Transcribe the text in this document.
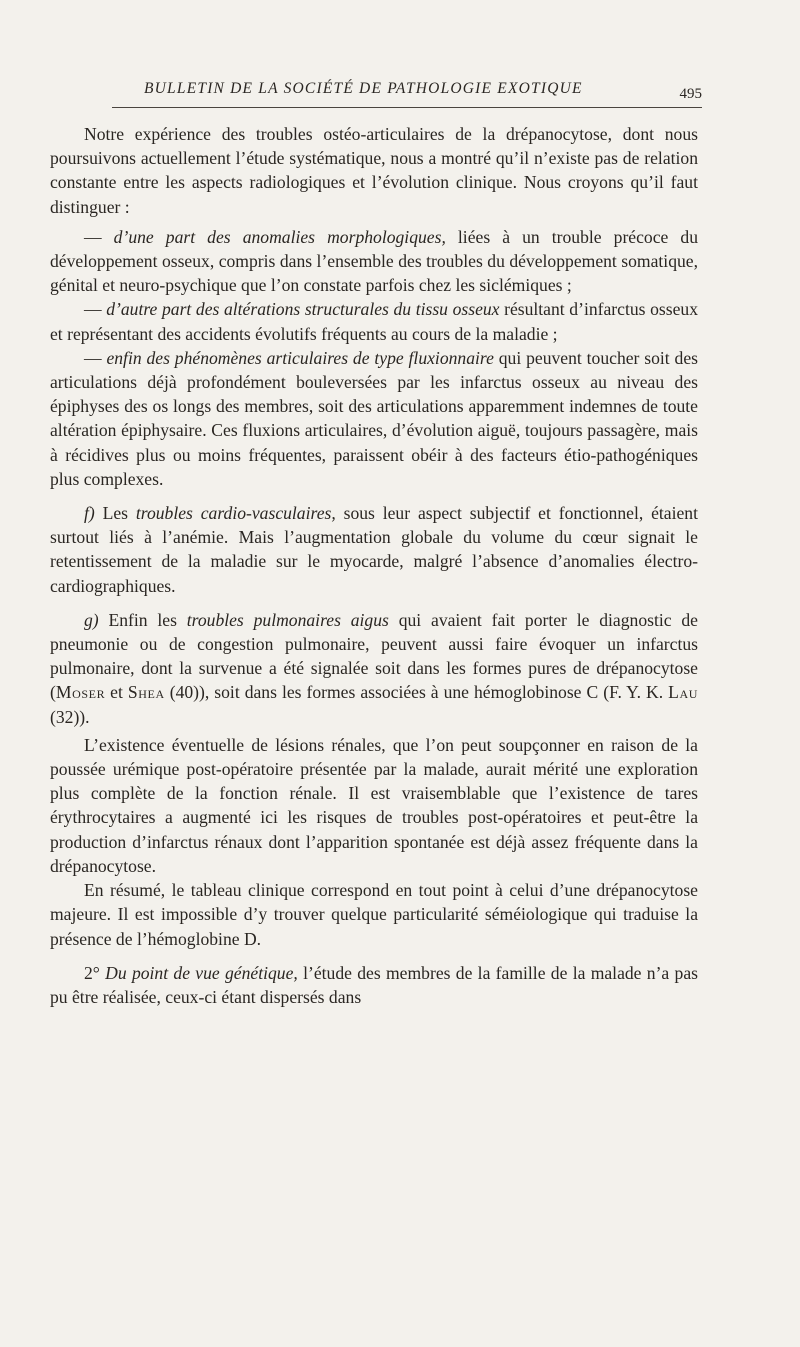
BULLETIN DE LA SOCIÉTÉ DE PATHOLOGIE EXOTIQUE	495

Notre expérience des troubles ostéo-articulaires de la drépanocytose, dont nous poursuivons actuellement l’étude systématique, nous a montré qu’il n’existe pas de relation constante entre les aspects radiologiques et l’évolution clinique. Nous croyons qu’il faut distinguer :

— d’une part des anomalies morphologiques, liées à un trouble précoce du développement osseux, compris dans l’ensemble des troubles du développement somatique, génital et neuro-psychique que l’on constate parfois chez les siclémiques ;

— d’autre part des altérations structurales du tissu osseux résultant d’infarctus osseux et représentant des accidents évolutifs fréquents au cours de la maladie ;

— enfin des phénomènes articulaires de type fluxionnaire qui peuvent toucher soit des articulations déjà profondément bouleversées par les infarctus osseux au niveau des épiphyses des os longs des membres, soit des articulations apparemment indemnes de toute altération épiphysaire. Ces fluxions articulaires, d’évolution aiguë, toujours passagère, mais à récidives plus ou moins fréquentes, paraissent obéir à des facteurs étio-pathogéniques plus complexes.

f) Les troubles cardio-vasculaires, sous leur aspect subjectif et fonctionnel, étaient surtout liés à l’anémie. Mais l’augmentation globale du volume du cœur signait le retentissement de la maladie sur le myocarde, malgré l’absence d’anomalies électro-cardiographiques.

g) Enfin les troubles pulmonaires aigus qui avaient fait porter le diagnostic de pneumonie ou de congestion pulmonaire, peuvent aussi faire évoquer un infarctus pulmonaire, dont la survenue a été signalée soit dans les formes pures de drépanocytose (Moser et Shea (40)), soit dans les formes associées à une hémoglobinose C (F. Y. K. Lau (32)).

L’existence éventuelle de lésions rénales, que l’on peut soupçonner en raison de la poussée urémique post-opératoire présentée par la malade, aurait mérité une exploration plus complète de la fonction rénale. Il est vraisemblable que l’existence de tares érythrocytaires a augmenté ici les risques de troubles post-opératoires et peut-être la production d’infarctus rénaux dont l’apparition spontanée est déjà assez fréquente dans la drépanocytose.

En résumé, le tableau clinique correspond en tout point à celui d’une drépanocytose majeure. Il est impossible d’y trouver quelque particularité séméiologique qui traduise la présence de l’hémoglobine D.

2° Du point de vue génétique, l’étude des membres de la famille de la malade n’a pas pu être réalisée, ceux-ci étant dispersés dans
